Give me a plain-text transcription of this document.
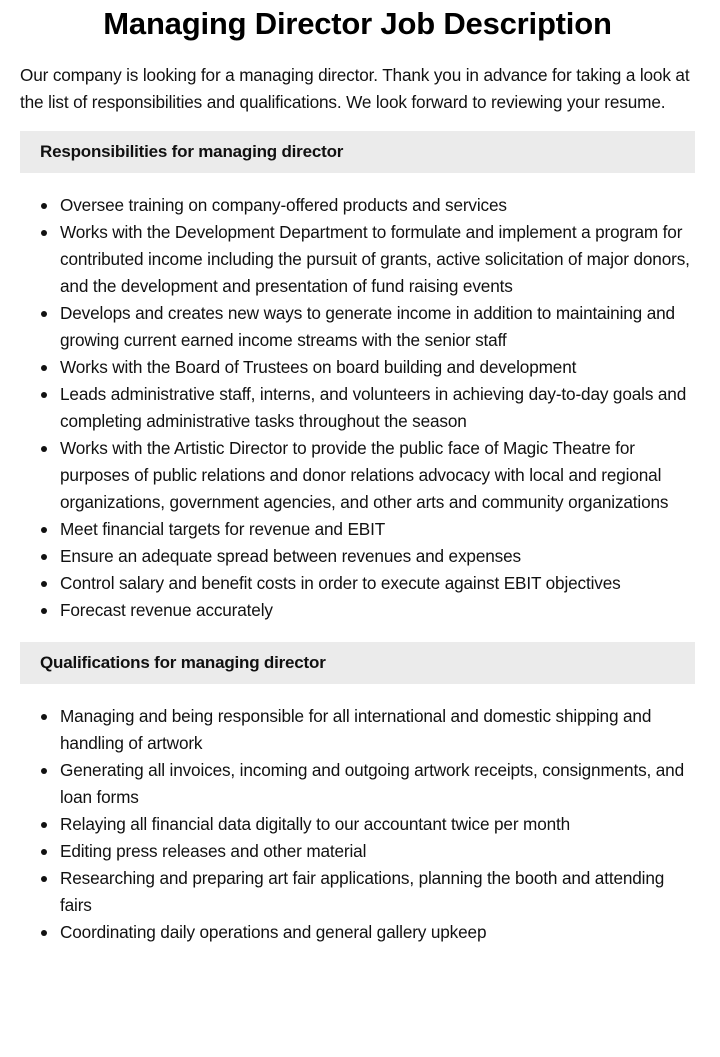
Managing Director Job Description

Our company is looking for a managing director. Thank you in advance for taking a look at the list of responsibilities and qualifications. We look forward to reviewing your resume.

Responsibilities for managing director
Oversee training on company-offered products and services
Works with the Development Department to formulate and implement a program for contributed income including the pursuit of grants, active solicitation of major donors, and the development and presentation of fund raising events
Develops and creates new ways to generate income in addition to maintaining and growing current earned income streams with the senior staff
Works with the Board of Trustees on board building and development
Leads administrative staff, interns, and volunteers in achieving day-to-day goals and completing administrative tasks throughout the season
Works with the Artistic Director to provide the public face of Magic Theatre for purposes of public relations and donor relations advocacy with local and regional organizations, government agencies, and other arts and community organizations
Meet financial targets for revenue and EBIT
Ensure an adequate spread between revenues and expenses
Control salary and benefit costs in order to execute against EBIT objectives
Forecast revenue accurately
Qualifications for managing director
Managing and being responsible for all international and domestic shipping and handling of artwork
Generating all invoices, incoming and outgoing artwork receipts, consignments, and loan forms
Relaying all financial data digitally to our accountant twice per month
Editing press releases and other material
Researching and preparing art fair applications, planning the booth and attending fairs
Coordinating daily operations and general gallery upkeep
